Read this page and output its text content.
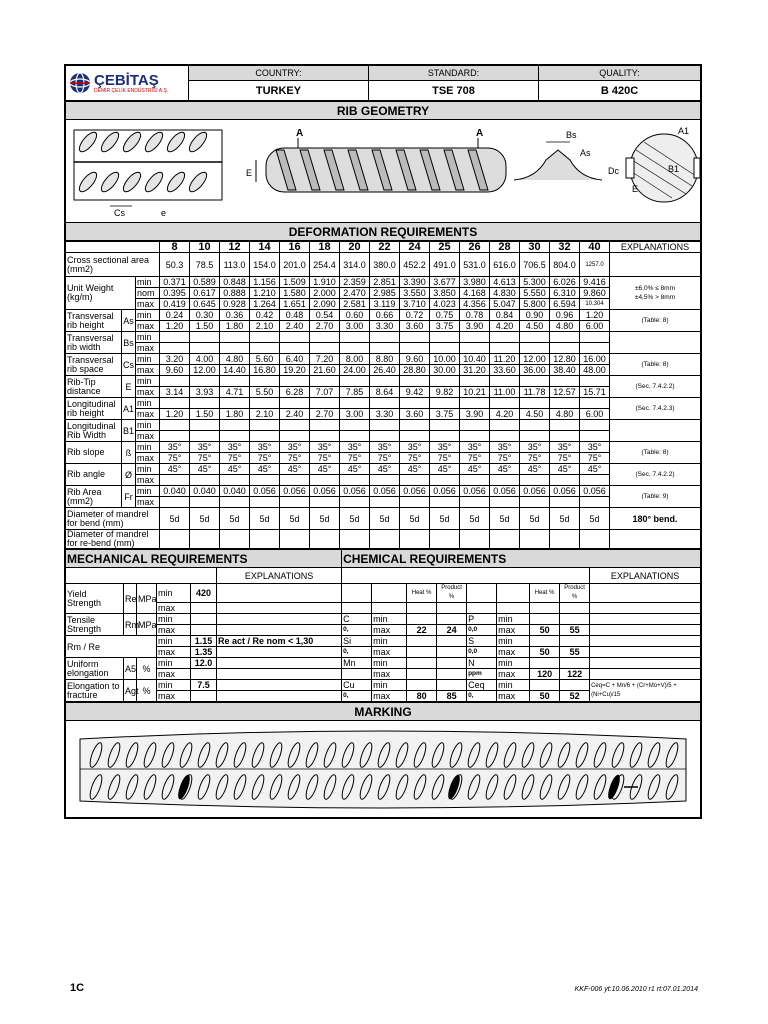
ÇEBİTAŞ
DEMİR ÇELİK ENDÜSTRİSİ A.Ş.	COUNTRY:	STANDARD:	QUALITY:
	TURKEY	TSE 708	B 420C
RIB GEOMETRY

Cs	e
A	A
E
Bs
As
A1
B1
Dc
E

DEFORMATION REQUIREMENTS
			8	10	12	14	16	18	20	22	24	25	26	28	30	32	40	EXPLANATIONS
Cross sectional area (mm2)			50.3	78.5	113.0	154.0	201.0	254.4	314.0	380.0	452.2	491.0	531.0	616.0	706.5	804.0	1257.0	
Unit Weight (kg/m)		min	0.371	0.589	0.848	1.156	1.509	1.910	2.359	2.851	3.390	3.677	3.980	4.613	5.300	6.026	9.416	±6,0% ≤ 8mm
±4,5% > 8mm

		nom	0.395	0.617	0.888	1.210	1.580	2.000	2.470	2.985	3.550	3.850	4.168	4.830	5.550	6.310	9.860	
		max	0.419	0.645	0.928	1.264	1.651	2.090	2.581	3.119	3.710	4.023	4.356	5.047	5.800	6.594	10.304	
Transversal rib height	As	min	0.24	0.30	0.36	0.42	0.48	0.54	0.60	0.66	0.72	0.75	0.78	0.84	0.90	0.96	1.20	(Table: 8)
		max	1.20	1.50	1.80	2.10	2.40	2.70	3.00	3.30	3.60	3.75	3.90	4.20	4.50	4.80	6.00	
Transversal rib width	Bs	min																
		max																
Transversal rib space	Cs	min	3.20	4.00	4.80	5.60	6.40	7.20	8.00	8.80	9.60	10.00	10.40	11.20	12.00	12.80	16.00	(Table: 8)
		max	9.60	12.00	14.40	16.80	19.20	21.60	24.00	26.40	28.80	30.00	31.20	33.60	36.00	38.40	48.00	
Rib-Tip distance	E	min																(Sec. 7.4.2.2)
		max	3.14	3.93	4.71	5.50	6.28	7.07	7.85	8.64	9.42	9.82	10.21	11.00	11.78	12.57	15.71	
Longitudinal rib height	A1	min																(Sec. 7.4.2.3)
		max	1.20	1.50	1.80	2.10	2.40	2.70	3.00	3.30	3.60	3.75	3.90	4.20	4.50	4.80	6.00	
Longitudinal Rib Width	B1	min																
		max																
Rib slope	ß	min	35°	35°	35°	35°	35°	35°	35°	35°	35°	35°	35°	35°	35°	35°	35°	(Table: 8)
		max	75°	75°	75°	75°	75°	75°	75°	75°	75°	75°	75°	75°	75°	75°	75°	
Rib angle	Ø	min	45°	45°	45°	45°	45°	45°	45°	45°	45°	45°	45°	45°	45°	45°	45°	(Sec. 7.4.2.2)
		max																
Rib Area (mm2)	Fr	min	0.040	0.040	0.040	0.056	0.056	0.056	0.056	0.056	0.056	0.056	0.056	0.056	0.056	0.056	0.056	(Table: 9)
		max																
Diameter of mandrel for bend (mm)			5d	5d	5d	5d	5d	5d	5d	5d	5d	5d	5d	5d	5d	5d	5d	180° bend.
Diameter of mandrel for re-bend (mm)																		
MECHANICAL REQUIREMENTS						CHEMICAL REQUIREMENTS								
					EXPLANATIONS									EXPLANATIONS
Yield Strength	Re	MPa	min	420				Heat %	Product %			Heat %	Product %	
			max											
Tensile Strength	Rm	MPa	min			C	min			P	min			
			max			0,	max	22	24	0,0	max	50	55	
Rm / Re			min	1.15	Re act / Re nom < 1,30	Si	min			S	min			
			max	1.35		0,	max			0,0	max	50	55	
Uniform elongation	A5	%	min	12.0		Mn	min			N	min			
			max				max			ppm	max	120	122	
Elongation to fracture	Agt	%	min	7.5		Cu	min			Ceq	min			Ceq=C + Mn/6 + (Cr+Mo+V)/5 + (Ni+Cu)/15
			max			0,	max	80	85	0,	max	50	52	
MARKING

1C	KKF-006 yt:10.06.2010 r1 rt:07.01.2014
